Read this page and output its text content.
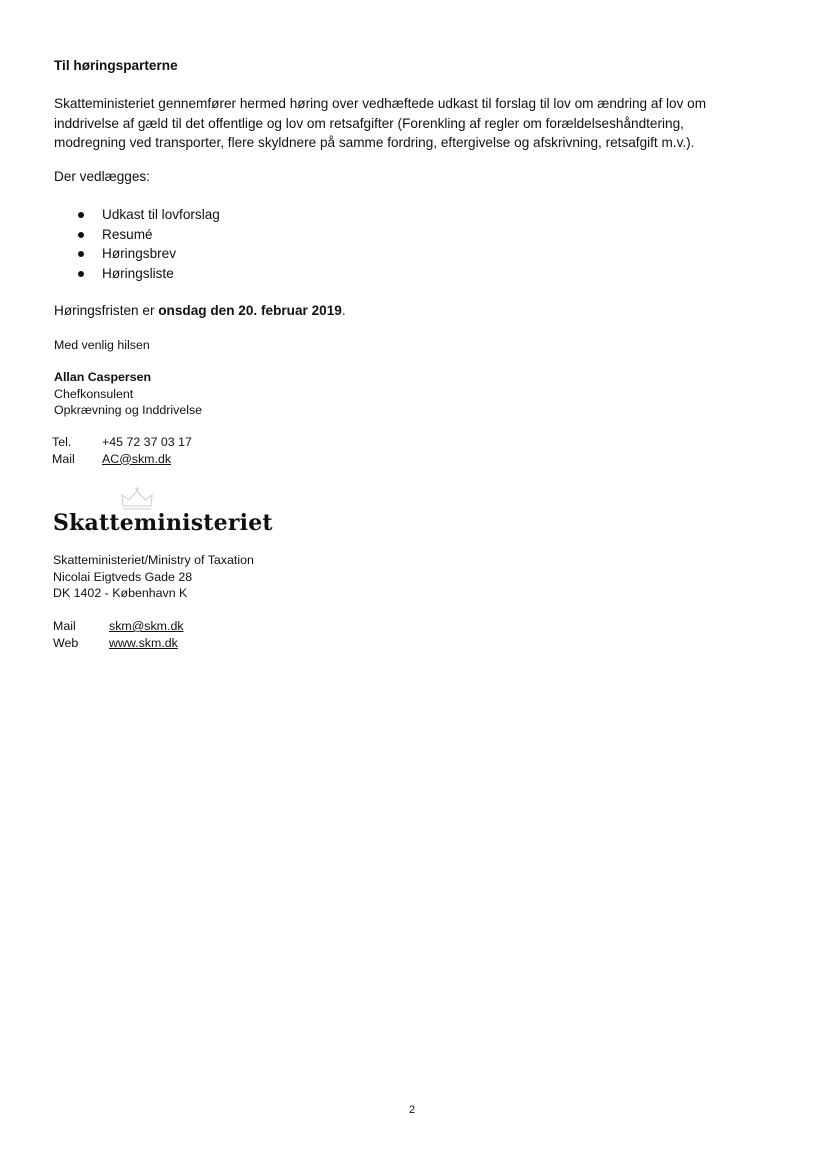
Til høringsparterne
Skatteministeriet gennemfører hermed høring over vedhæftede udkast til forslag til lov om ændring af lov om inddrivelse af gæld til det offentlige og lov om retsafgifter (Forenkling af regler om forældelseshåndtering, modregning ved transporter, flere skyldnere på samme fordring, eftergivelse og afskrivning, retsafgift m.v.).
Der vedlægges:
Udkast til lovforslag
Resumé
Høringsbrev
Høringsliste
Høringsfristen er onsdag den 20. februar 2019.
Med venlig hilsen
Allan Caspersen
Chefkonsulent
Opkrævning og Inddrivelse
Tel. +45 72 37 03 17
Mail AC@skm.dk
Skatteministeriet
Skatteministeriet/Ministry of Taxation
Nicolai Eigtveds Gade 28
DK 1402 - København K
Mail	skm@skm.dk
Web www.skm.dk
2
